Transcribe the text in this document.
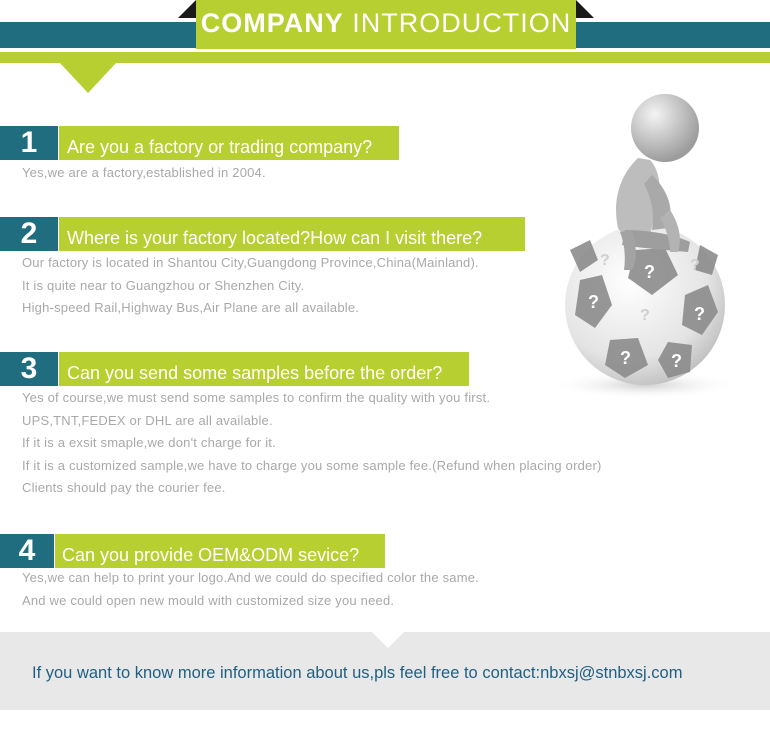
COMPANY INTRODUCTION
?
?
?
? ?
?
?	?
1	Are you a factory or trading company?
Yes,we are a factory,established in 2004.
2	Where is your factory located?How can I visit there?
Our factory is located in Shantou City,Guangdong Province,China(Mainland).
It is quite near to Guangzhou or Shenzhen City.
High-speed Rail,Highway Bus,Air Plane are all available.
3	Can you send some samples before the order?
Yes of course,we must send some samples to confirm the quality with you first.
UPS,TNT,FEDEX or DHL are all available.
If it is a exsit smaple,we don't charge for it.
If it is a customized sample,we have to charge you some sample fee.(Refund when placing order)
Clients should pay the courier fee.
4	Can you provide OEM&ODM sevice?
Yes,we can help to print your logo.And we could do specified color the same.
And we could open new mould with customized size you need.
If you want to know more information about us,pls feel free to contact:nbxsj@stnbxsj.com
